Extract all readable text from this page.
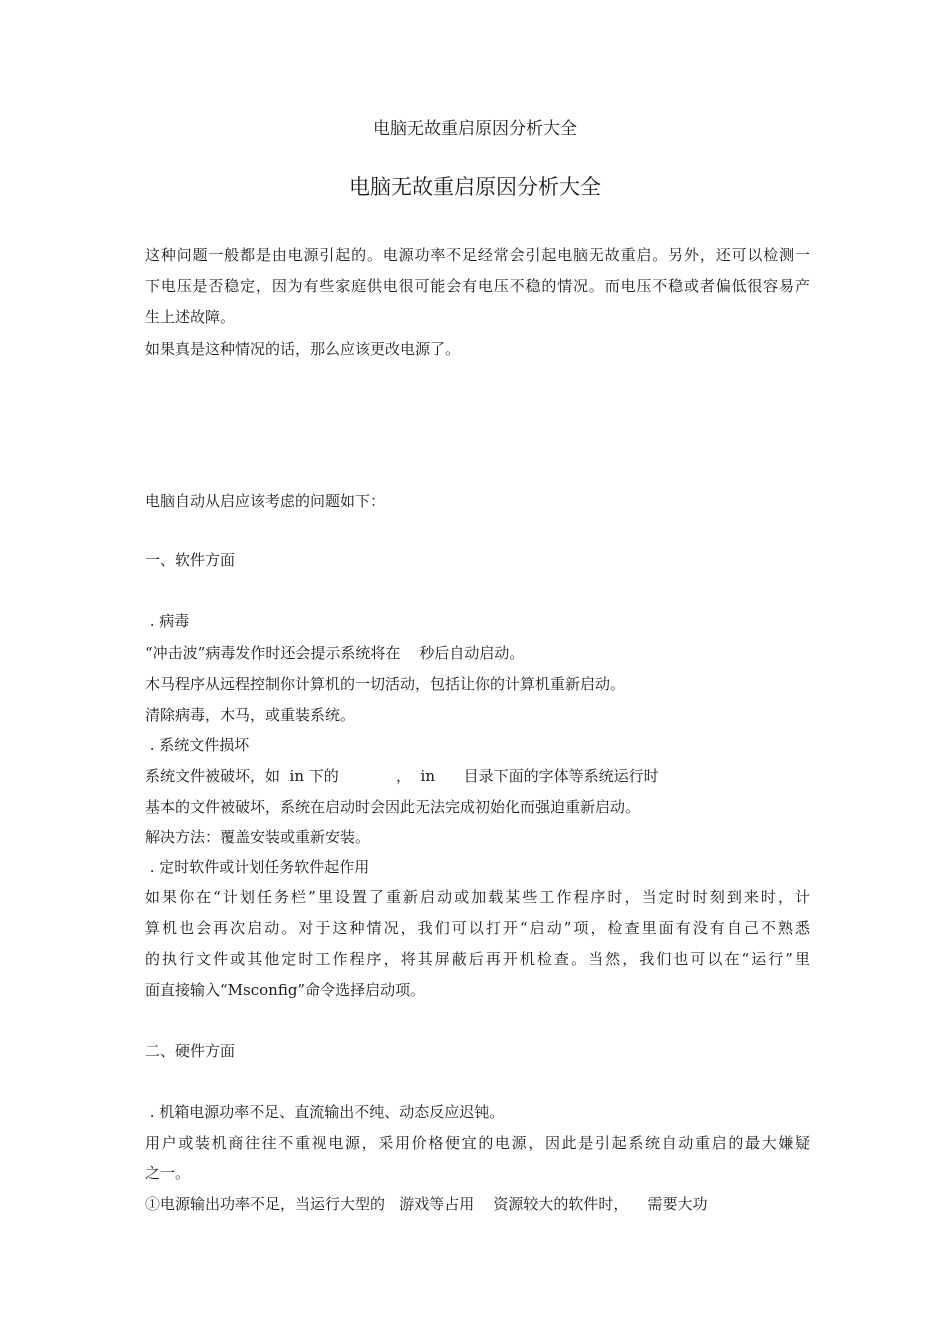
电脑无故重启原因分析大全
电脑无故重启原因分析大全
这种问题一般都是由电源引起的。电源功率不足经常会引起电脑无故重启。另外，还可以检测一
下电压是否稳定，因为有些家庭供电很可能会有电压不稳的情况。而电压不稳或者偏低很容易产
生上述故障。
如果真是这种情况的话，那么应该更改电源了。
电脑自动从启应该考虑的问题如下：
一、软件方面
. 病毒
“冲击波”病毒发作时还会提示系统将在    秒后自动启动。
木马程序从远程控制你计算机的一切活动，包括让你的计算机重新启动。
清除病毒，木马，或重装系统。
. 系统文件损坏
系统文件被破坏，如  in 下的            ，  in      目录下面的字体等系统运行时
基本的文件被破坏，系统在启动时会因此无法完成初始化而强迫重新启动。
解决方法：覆盖安装或重新安装。
. 定时软件或计划任务软件起作用
如果你在“计划任务栏”里设置了重新启动或加载某些工作程序时，当定时时刻到来时，计
算机也会再次启动。对于这种情况，我们可以打开“启动”项，检查里面有没有自己不熟悉
的执行文件或其他定时工作程序，将其屏蔽后再开机检查。当然，我们也可以在“运行”里
面直接输入“Msconfig”命令选择启动项。
二、硬件方面
. 机箱电源功率不足、直流输出不纯、动态反应迟钝。
用户或装机商往往不重视电源，采用价格便宜的电源，因此是引起系统自动重启的最大嫌疑
之一。
①电源输出功率不足，当运行大型的   游戏等占用    资源较大的软件时，    需要大功
